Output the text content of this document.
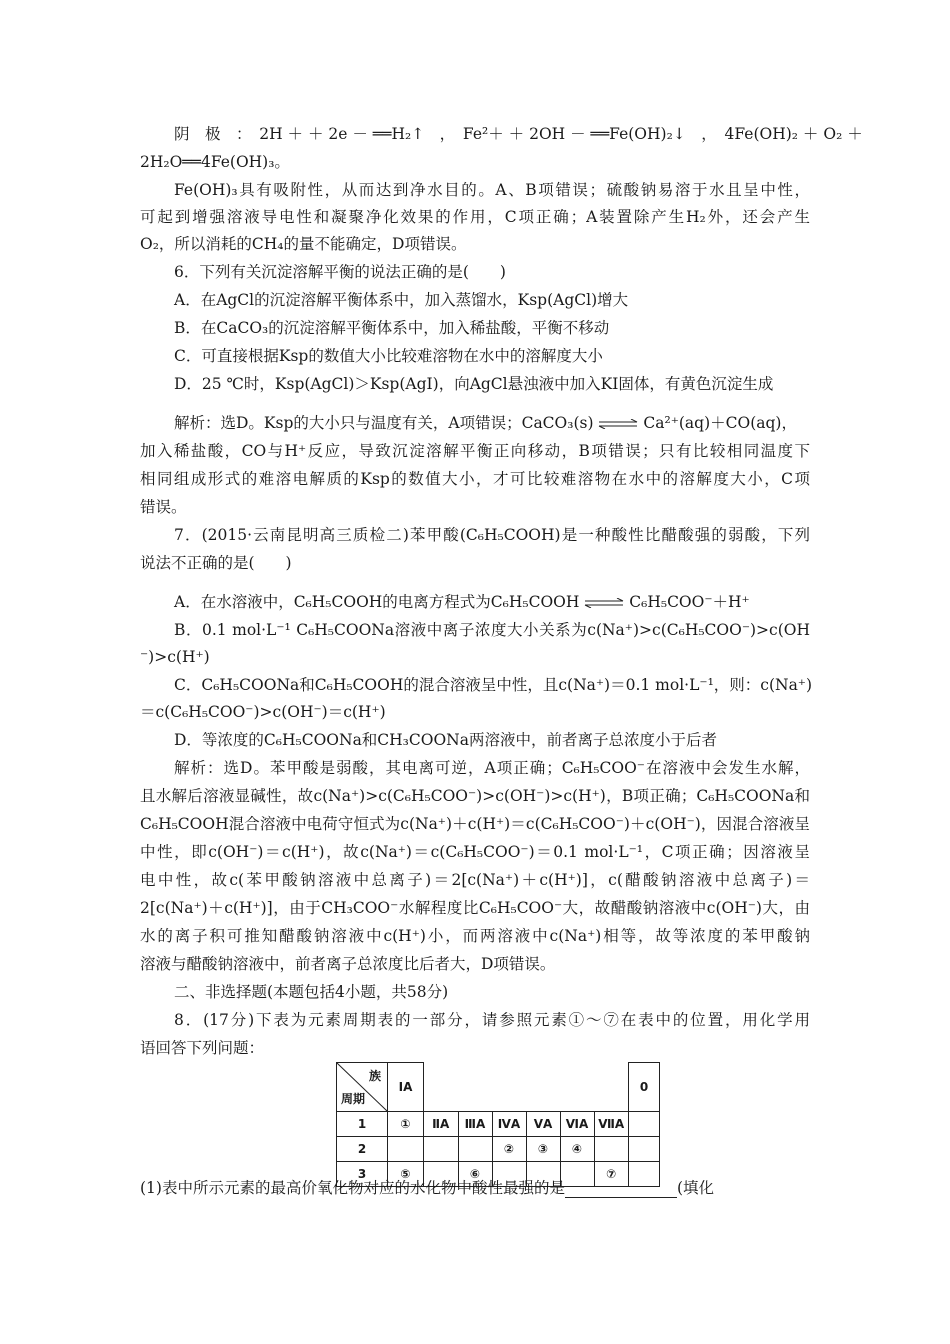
阴　极　：　2H ＋ ＋ 2e － ══H₂↑　，　Fe²＋ ＋ 2OH － ══Fe(OH)₂↓　，　4Fe(OH)₂ ＋ O₂ ＋
2H₂O══4Fe(OH)₃。
Fe(OH)₃具有吸附性，从而达到净水目的。A、B项错误；硫酸钠易溶于水且呈中性，
可起到增强溶液导电性和凝聚净化效果的作用，C项正确；A装置除产生H₂外，还会产生
O₂，所以消耗的CH₄的量不能确定，D项错误。
6．下列有关沉淀溶解平衡的说法正确的是(　　)
A．在AgCl的沉淀溶解平衡体系中，加入蒸馏水，Ksp(AgCl)增大
B．在CaCO₃的沉淀溶解平衡体系中，加入稀盐酸，平衡不移动
C．可直接根据Ksp的数值大小比较难溶物在水中的溶解度大小
D．25 ℃时，Ksp(AgCl)＞Ksp(AgI)，向AgCl悬浊液中加入KI固体，有黄色沉淀生成
解析：选D。Ksp的大小只与温度有关，A项错误；CaCO₃(s) ⇌ Ca²⁺(aq)＋CO(aq)，
加入稀盐酸，CO与H⁺反应，导致沉淀溶解平衡正向移动，B项错误；只有比较相同温度下
相同组成形式的难溶电解质的Ksp的数值大小，才可比较难溶物在水中的溶解度大小，C项
错误。
7．(2015·云南昆明高三质检二)苯甲酸(C₆H₅COOH)是一种酸性比醋酸强的弱酸，下列
说法不正确的是(　　)
A．在水溶液中，C₆H₅COOH的电离方程式为C₆H₅COOH ⇌ C₆H₅COO⁻＋H⁺
B．0.1 mol·L⁻¹ C₆H₅COONa溶液中离子浓度大小关系为c(Na⁺)>c(C₆H₅COO⁻)>c(OH
⁻)>c(H⁺)
C．C₆H₅COONa和C₆H₅COOH的混合溶液呈中性，且c(Na⁺)＝0.1 mol·L⁻¹，则：c(Na⁺)
＝c(C₆H₅COO⁻)>c(OH⁻)＝c(H⁺)
D．等浓度的C₆H₅COONa和CH₃COONa两溶液中，前者离子总浓度小于后者
解析：选D。苯甲酸是弱酸，其电离可逆，A项正确；C₆H₅COO⁻在溶液中会发生水解，
且水解后溶液显碱性，故c(Na⁺)>c(C₆H₅COO⁻)>c(OH⁻)>c(H⁺)，B项正确；C₆H₅COONa和
C₆H₅COOH混合溶液中电荷守恒式为c(Na⁺)＋c(H⁺)＝c(C₆H₅COO⁻)＋c(OH⁻)，因混合溶液呈
中性，即c(OH⁻)＝c(H⁺)，故c(Na⁺)＝c(C₆H₅COO⁻)＝0.1 mol·L⁻¹，C项正确；因溶液呈
电中性，故c(苯甲酸钠溶液中总离子)＝2[c(Na⁺)＋c(H⁺)]，c(醋酸钠溶液中总离子)＝
2[c(Na⁺)＋c(H⁺)]，由于CH₃COO⁻水解程度比C₆H₅COO⁻大，故醋酸钠溶液中c(OH⁻)大，由
水的离子积可推知醋酸钠溶液中c(H⁺)小，而两溶液中c(Na⁺)相等，故等浓度的苯甲酸钠
溶液与醋酸钠溶液中，前者离子总浓度比后者大，D项错误。
二、非选择题(本题包括4小题，共58分)
8．(17分)下表为元素周期表的一部分，请参照元素①～⑦在表中的位置，用化学用
语回答下列问题：
族
周期	ⅠA							0
1	①	ⅡA	ⅢA	ⅣA	ⅤA	ⅥA	ⅦA	
2				②	③	④		
3	⑤		⑥				⑦	
(1)表中所示元素的最高价氧化物对应的水化物中酸性最强的是	(填化
